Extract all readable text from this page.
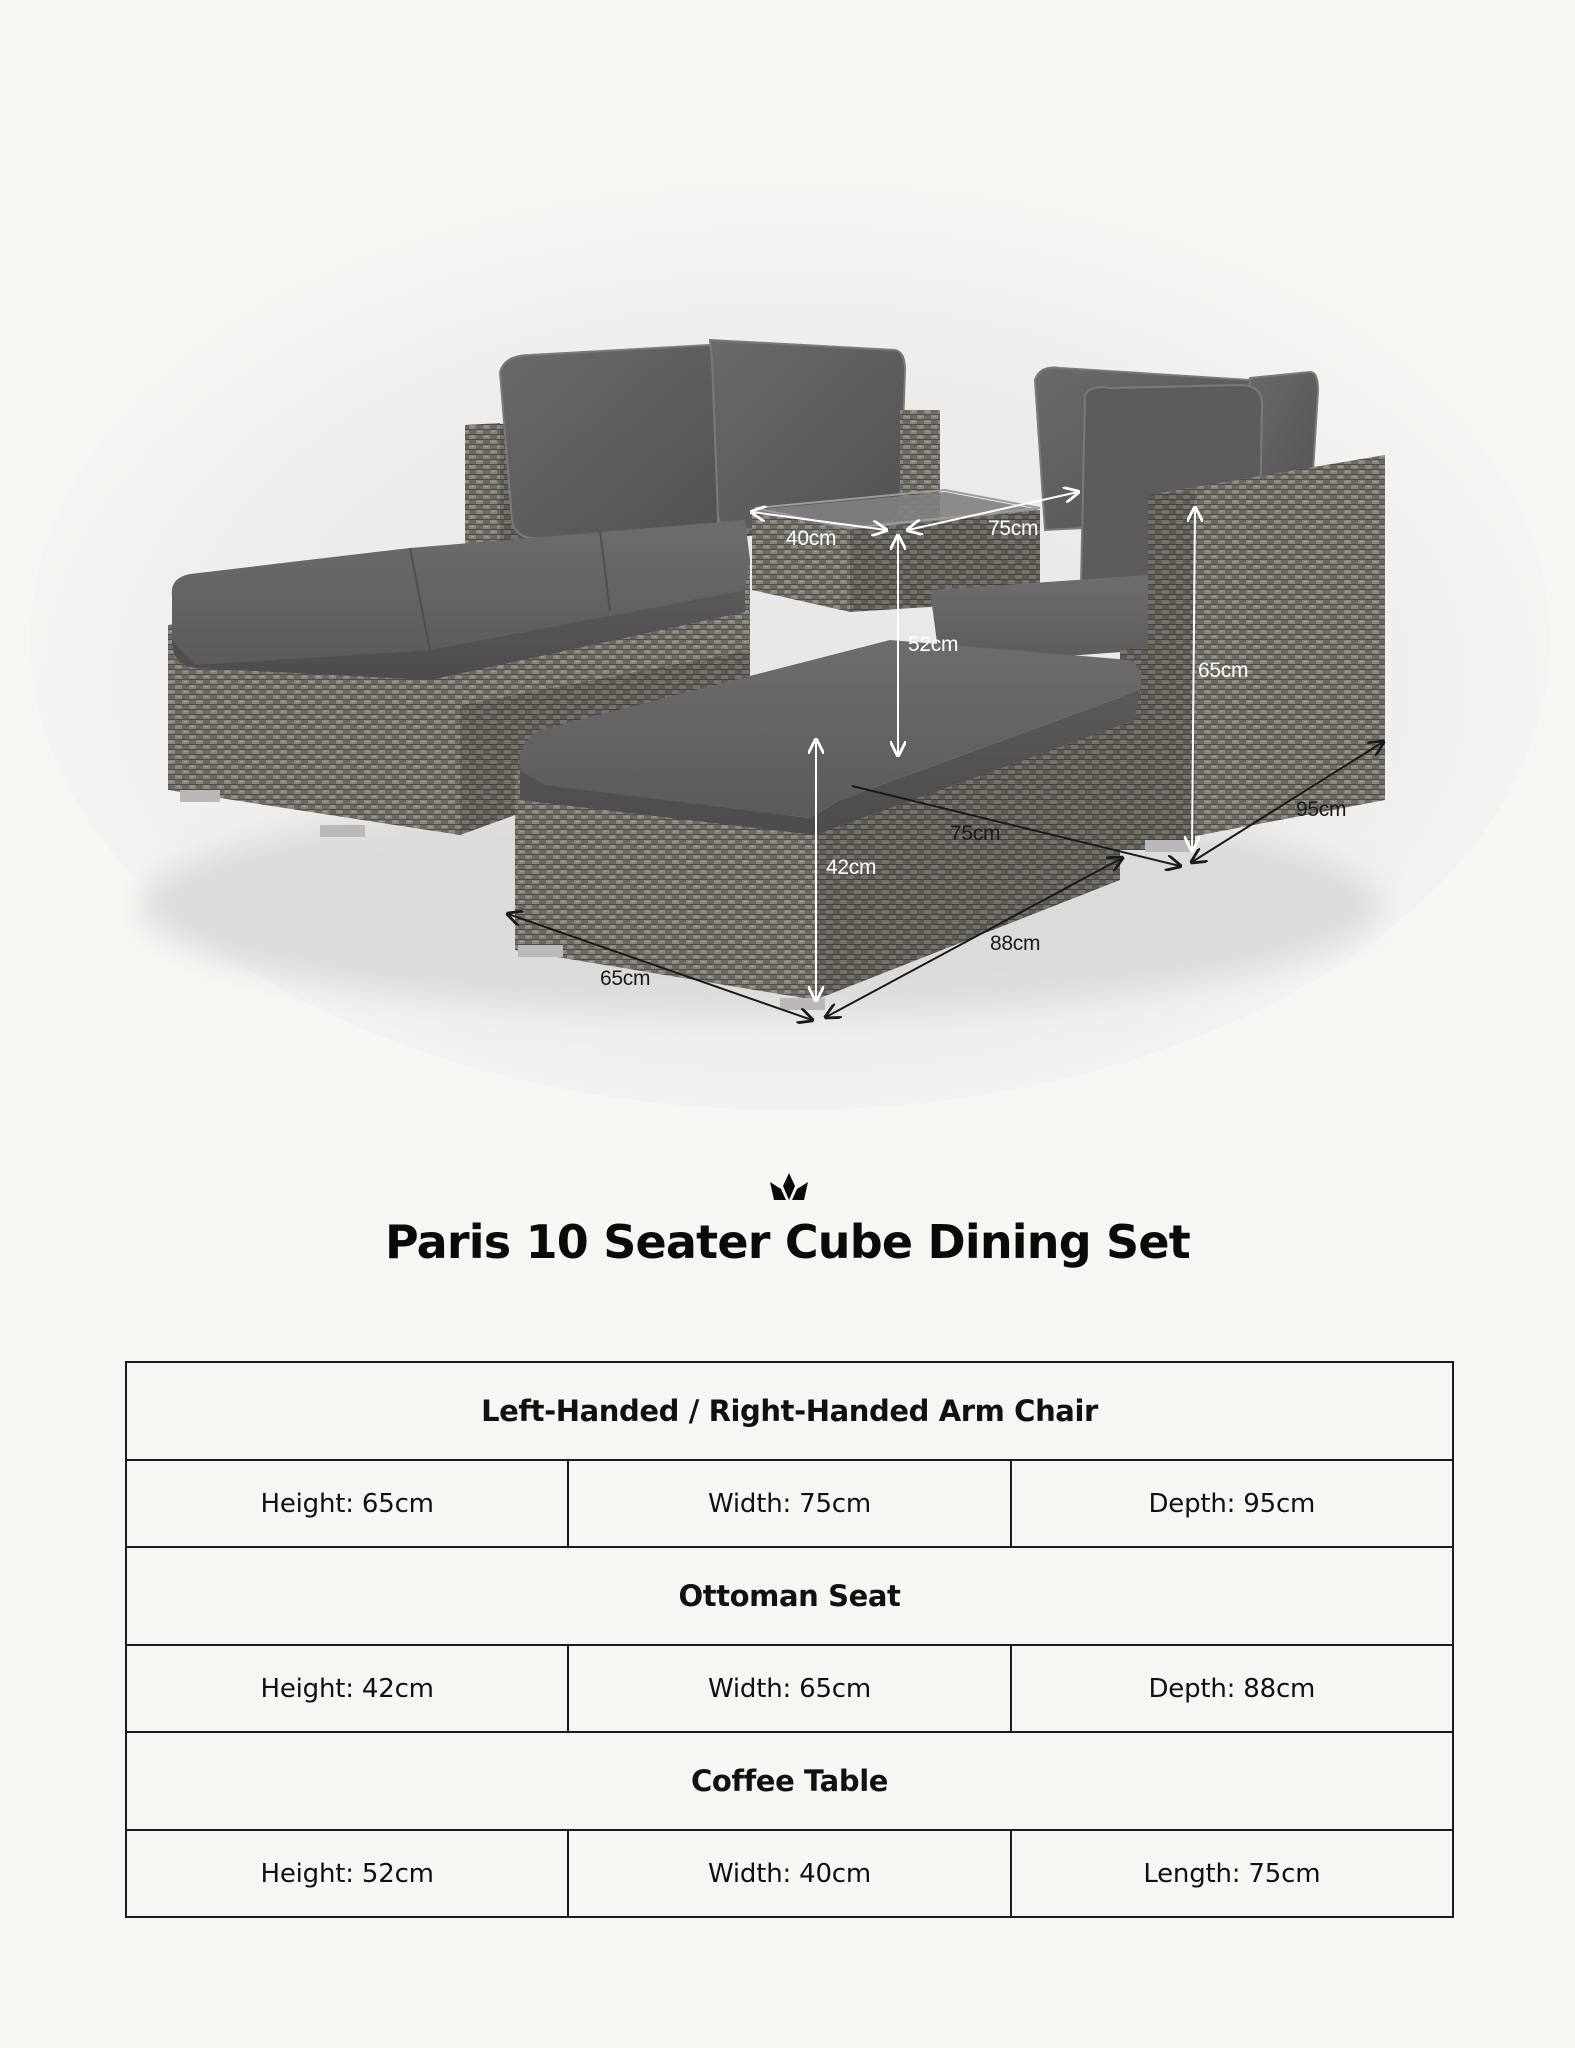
40cm	75cm
52cm
65cm
95cm
75cm
42cm
88cm
65cm
Paris 10 Seater Cube Dining Set
Left-Handed / Right-Handed Arm Chair		
Height: 65cm	Width: 75cm	Depth: 95cm
Ottoman Seat		
Height: 42cm	Width: 65cm	Depth: 88cm
Coffee Table		
Height: 52cm	Width: 40cm	Length: 75cm
